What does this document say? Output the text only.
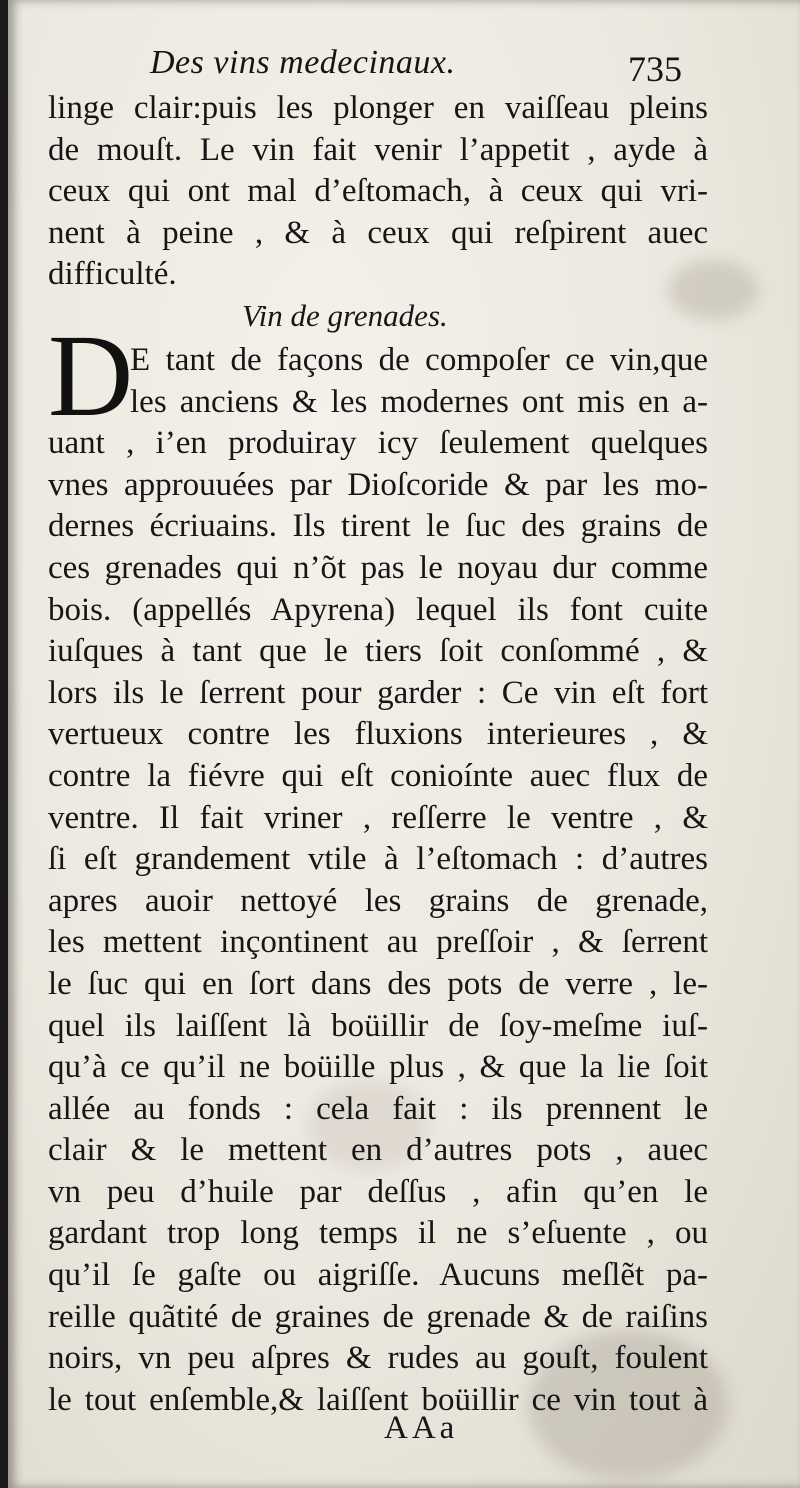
Des vins medecinaux.	735
linge clair:puis les plonger en vaiſſeau pleins
de mouſt. Le vin fait venir l’appetit , ayde à
ceux qui ont mal d’eſtomach, à ceux qui vri-
nent à peine , & à ceux qui reſpirent auec
difficulté.
Vin de grenades.
D
E tant de façons de compoſer ce vin,que
les anciens & les modernes ont mis en a-
uant , i’en produiray icy ſeulement quelques
vnes approuuées par Dioſcoride & par les mo-
dernes écriuains. Ils tirent le ſuc des grains de
ces grenades qui n’õt pas le noyau dur comme
bois. (appellés Apyrena) lequel ils font cuite
iuſques à tant que le tiers ſoit conſommé , &
lors ils le ſerrent pour garder : Ce vin eſt fort
vertueux contre les fluxions interieures , &
contre la fiévre qui eſt conioínte auec flux de
ventre. Il fait vriner , reſſerre le ventre , &
ſi eſt grandement vtile à l’eſtomach : d’autres
apres auoir nettoyé les grains de grenade,
les mettent inçontinent au preſſoir , & ſerrent
le ſuc qui en ſort dans des pots de verre , le-
quel ils laiſſent là boüillir de ſoy-meſme iuſ-
qu’à ce qu’il ne boüille plus , & que la lie ſoit
allée au fonds : cela fait : ils prennent le
clair & le mettent en d’autres pots , auec
vn peu d’huile par deſſus , afin qu’en le
gardant trop long temps il ne s’eſuente , ou
qu’il ſe gaſte ou aigriſſe. Aucuns meſlẽt pa-
reille quãtité de graines de grenade & de raiſins
noirs, vn peu aſpres & rudes au gouſt, foulent
le tout enſemble,& laiſſent boüillir ce vin tout à
AAa
